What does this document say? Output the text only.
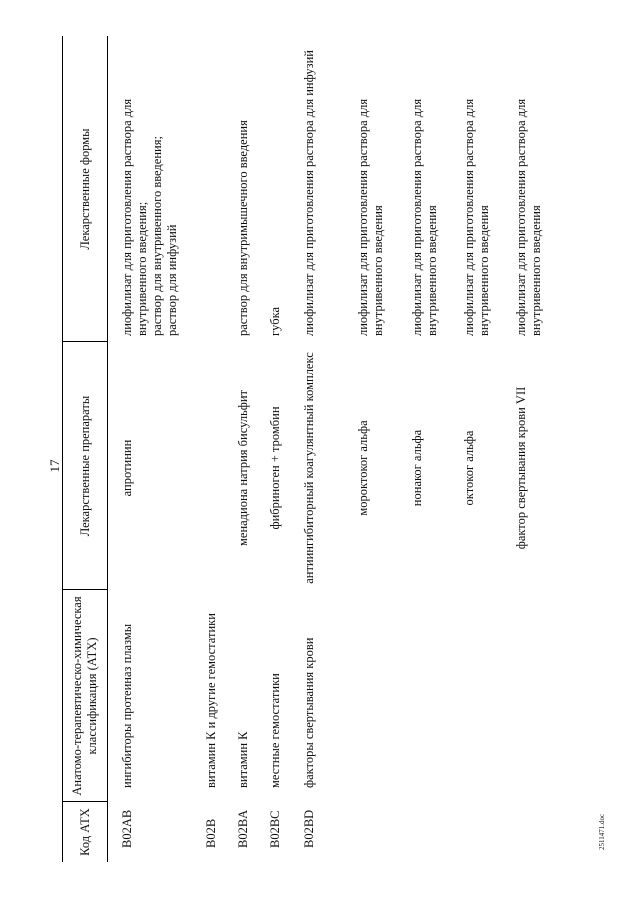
17
2511471.doc
Код АТХ
Анатомо-терапевтическо-химическая классификация (АТХ)
Лекарственные препараты
Лекарственные формы
B02AB
ингибиторы протеиназ плазмы
апротинин
лиофилизат для приготовления раствора для внутривенного введения; раствор для внутривенного введения; раствор для инфузий
B02B
витамин К и другие гемостатики
B02BA
витамин К
менадиона натрия бисульфит
раствор для внутримышечного введения
B02BC
местные гемостатики
фибриноген + тромбин
губка
B02BD
факторы свертывания крови
антиингибиторный коагулянтный комплекс
лиофилизат для приготовления раствора для инфузий
мороктоког альфа
лиофилизат для приготовления раствора для внутривенного введения
нонаког альфа
лиофилизат для приготовления раствора для внутривенного введения
октоког альфа
лиофилизат для приготовления раствора для внутривенного введения
фактор свертывания крови VII
лиофилизат для приготовления раствора для внутривенного введения
